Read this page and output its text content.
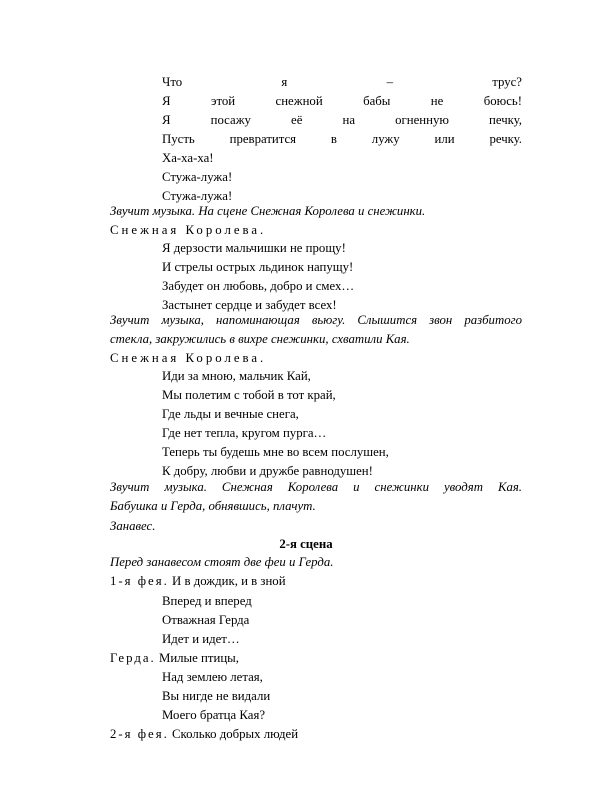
Что я – трус?
Я этой снежной бабы не боюсь!
Я посажу её на огненную печку,
Пусть превратится в лужу или речку.
Ха-ха-ха!
Стужа-лужа!
Стужа-лужа!
Звучит музыка. На сцене Снежная Королева и снежинки.
Снежная Королева.
Я дерзости мальчишки не прощу!
И стрелы острых льдинок напущу!
Забудет он любовь, добро и смех…
Застынет сердце и забудет всех!
Звучит музыка, напоминающая вьюгу. Слышится звон разбитого
стекла, закружились в вихре снежинки, схватили Кая.
Снежная Королева.
Иди за мною, мальчик Кай,
Мы полетим с тобой в тот край,
Где льды и вечные снега,
Где нет тепла, кругом пурга…
Теперь ты будешь мне во всем послушен,
К добру, любви и дружбе равнодушен!
Звучит музыка. Снежная Королева и снежинки уводят Кая.
Бабушка и Герда, обнявшись, плачут.
Занавес.
2-я сцена
Перед занавесом стоят две феи и Герда.
1-я фея. И в дождик, и в зной
Вперед и вперед
Отважная Герда
Идет и идет…
Герда. Милые птицы,
Над землею летая,
Вы нигде не видали
Моего братца Кая?
2-я фея. Сколько добрых людей
